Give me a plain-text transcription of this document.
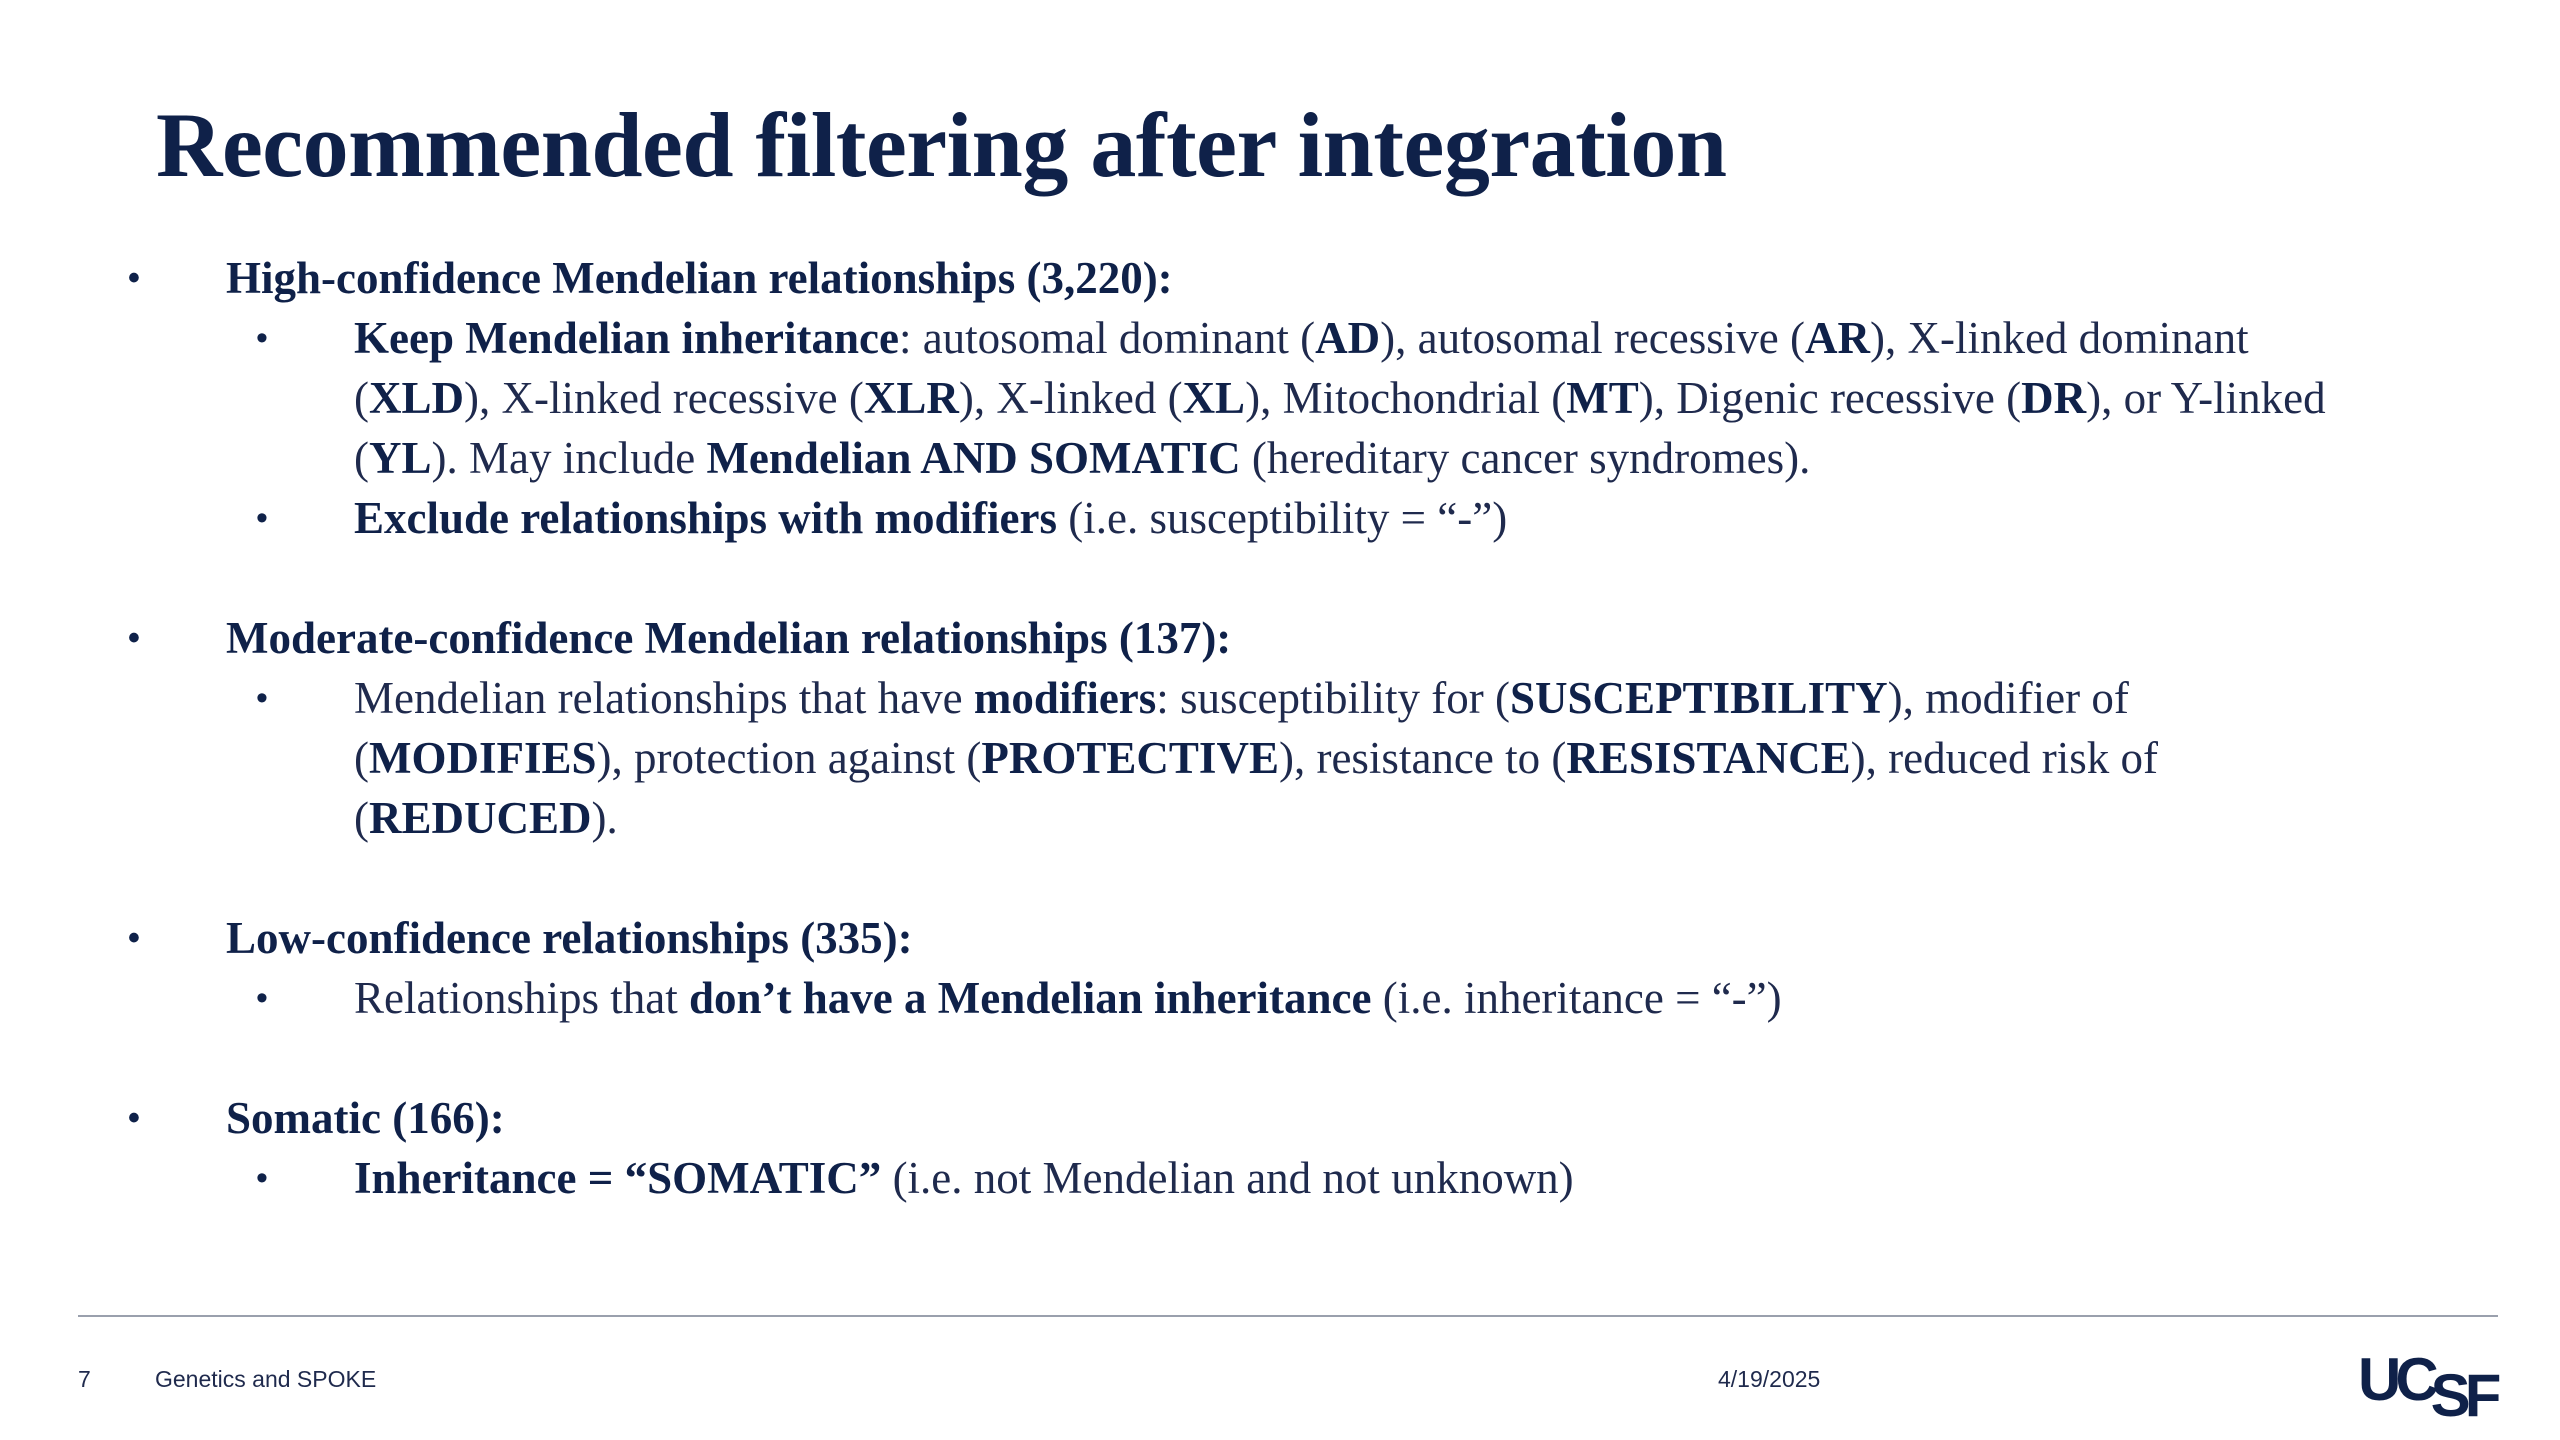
Recommended filtering after integration
• High-confidence Mendelian relationships (3,220):
• Keep Mendelian inheritance: autosomal dominant (AD), autosomal recessive (AR), X-linked dominant (XLD), X-linked recessive (XLR), X-linked (XL), Mitochondrial (MT), Digenic recessive (DR), or Y-linked (YL). May include Mendelian AND SOMATIC (hereditary cancer syndromes).
• Exclude relationships with modifiers (i.e. susceptibility = “-”)
• Moderate-confidence Mendelian relationships (137):
• Mendelian relationships that have modifiers: susceptibility for (SUSCEPTIBILITY), modifier of (MODIFIES), protection against (PROTECTIVE), resistance to (RESISTANCE), reduced risk of (REDUCED).
• Low-confidence relationships (335):
• Relationships that don’t have a Mendelian inheritance (i.e. inheritance = “-”)
• Somatic (166):
• Inheritance = “SOMATIC” (i.e. not Mendelian and not unknown)
7	Genetics and SPOKE	4/19/2025	UCSF
